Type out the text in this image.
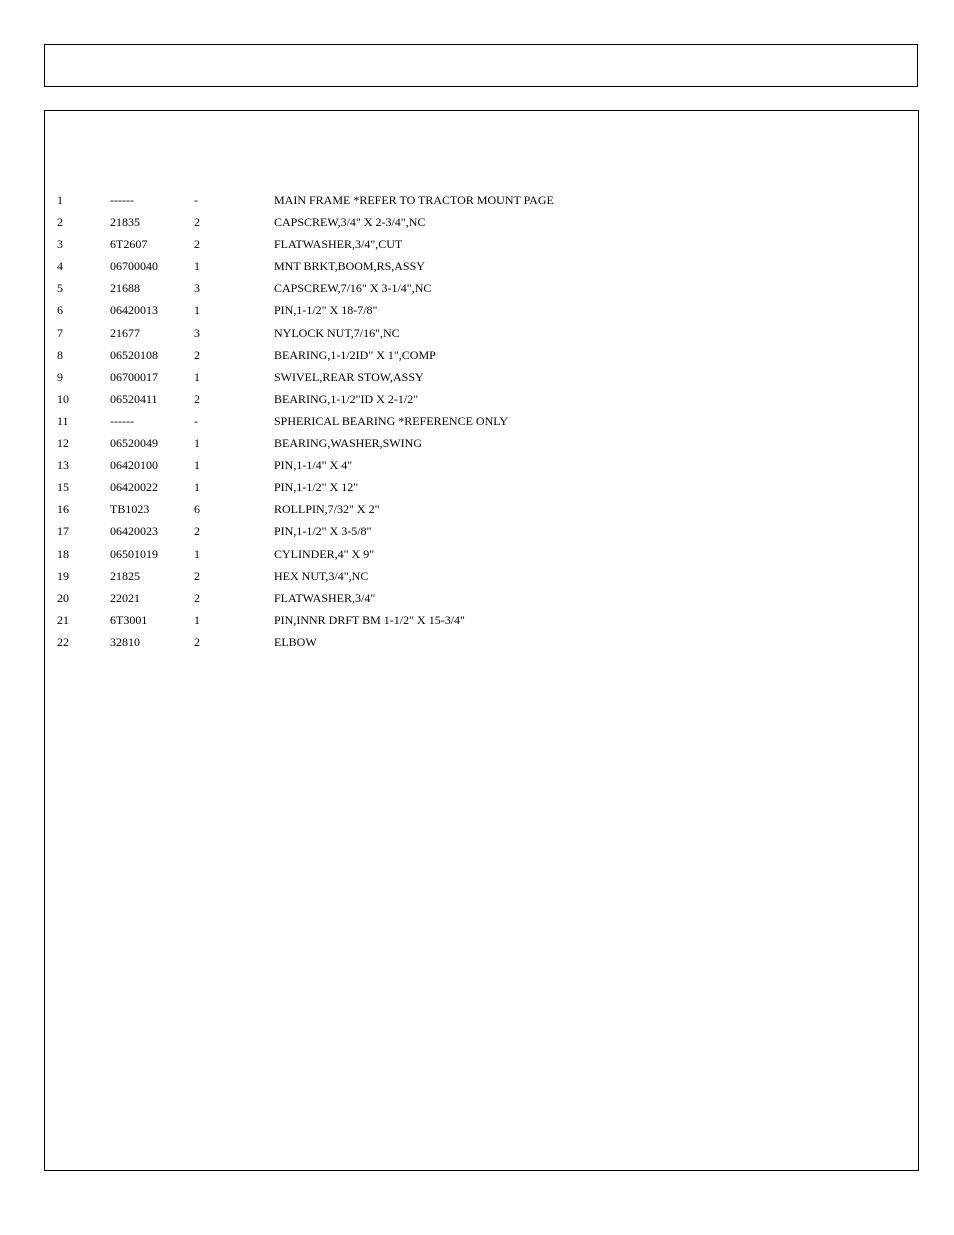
1	------	-	MAIN FRAME *REFER TO TRACTOR MOUNT PAGE
2	21835	2	CAPSCREW,3/4" X 2-3/4",NC
3	6T2607	2	FLATWASHER,3/4",CUT
4	06700040	1	MNT BRKT,BOOM,RS,ASSY
5	21688	3	CAPSCREW,7/16" X 3-1/4",NC
6	06420013	1	PIN,1-1/2" X 18-7/8"
7	21677	3	NYLOCK NUT,7/16",NC
8	06520108	2	BEARING,1-1/2ID" X 1",COMP
9	06700017	1	SWIVEL,REAR STOW,ASSY
10	06520411	2	BEARING,1-1/2"ID X 2-1/2"
11	------	-	SPHERICAL BEARING *REFERENCE ONLY
12	06520049	1	BEARING,WASHER,SWING
13	06420100	1	PIN,1-1/4" X 4"
15	06420022	1	PIN,1-1/2" X 12"
16	TB1023	6	ROLLPIN,7/32" X 2"
17	06420023	2	PIN,1-1/2" X 3-5/8"
18	06501019	1	CYLINDER,4" X 9"
19	21825	2	HEX NUT,3/4",NC
20	22021	2	FLATWASHER,3/4"
21	6T3001	1	PIN,INNR DRFT BM 1-1/2" X 15-3/4"
22	32810	2	ELBOW
